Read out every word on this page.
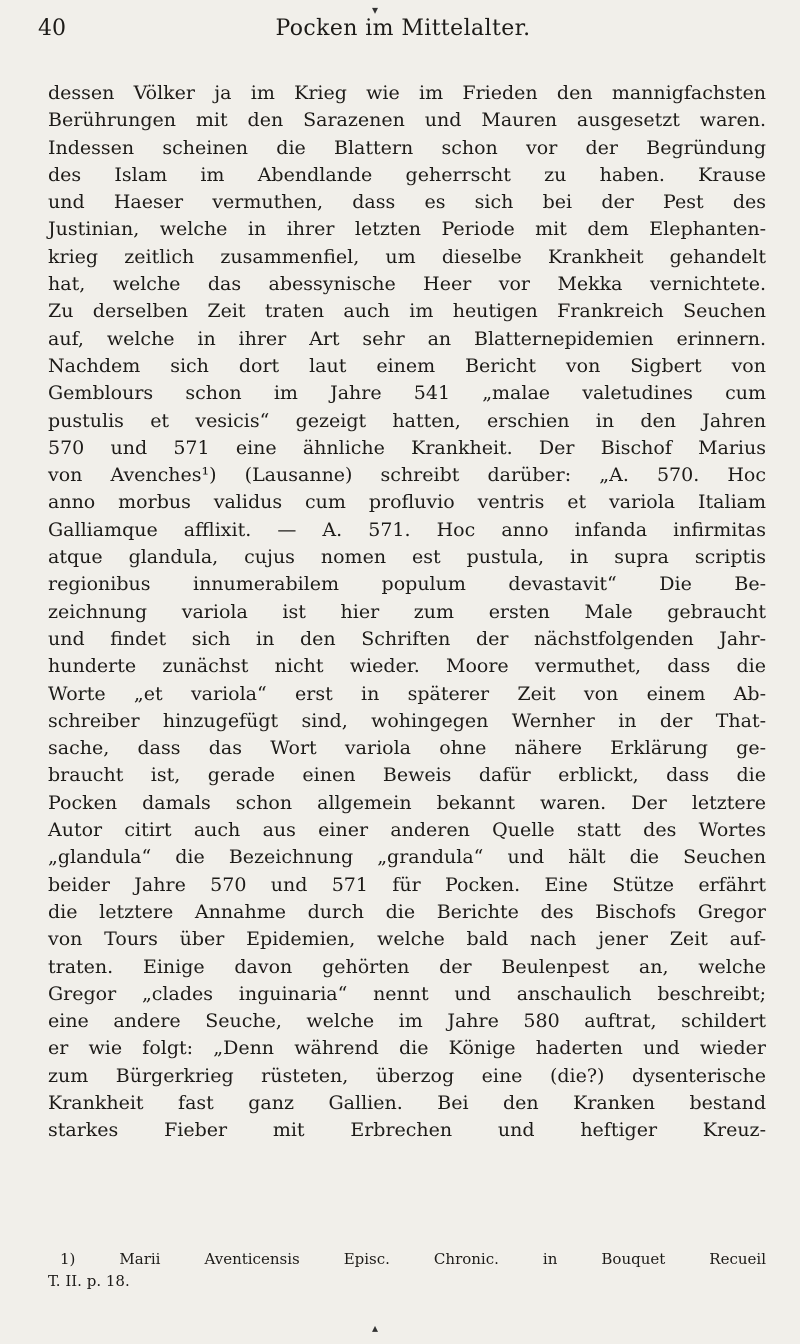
▾
40	Pocken im Mittelalter.
dessen Völker ja im Krieg wie im Frieden den mannigfachsten
Berührungen mit den Sarazenen und Mauren ausgesetzt waren.
Indessen scheinen die Blattern schon vor der Begründung
des Islam im Abendlande geherrscht zu haben. Krause
und Haeser vermuthen, dass es sich bei der Pest des
Justinian, welche in ihrer letzten Periode mit dem Elephanten-
krieg zeitlich zusammenfiel, um dieselbe Krankheit gehandelt
hat, welche das abessynische Heer vor Mekka vernichtete.
Zu derselben Zeit traten auch im heutigen Frankreich Seuchen
auf, welche in ihrer Art sehr an Blatternepidemien erinnern.
Nachdem sich dort laut einem Bericht von Sigbert von
Gemblours schon im Jahre 541 „malae valetudines cum
pustulis et vesicis“ gezeigt hatten, erschien in den Jahren
570 und 571 eine ähnliche Krankheit. Der Bischof Marius
von Avenches¹) (Lausanne) schreibt darüber: „A. 570. Hoc
anno morbus validus cum profluvio ventris et variola Italiam
Galliamque afflixit. — A. 571. Hoc anno infanda infirmitas
atque glandula, cujus nomen est pustula, in supra scriptis
regionibus innumerabilem populum devastavit“ Die Be-
zeichnung variola ist hier zum ersten Male gebraucht
und findet sich in den Schriften der nächstfolgenden Jahr-
hunderte zunächst nicht wieder. Moore vermuthet, dass die
Worte „et variola“ erst in späterer Zeit von einem Ab-
schreiber hinzugefügt sind, wohingegen Wernher in der That-
sache, dass das Wort variola ohne nähere Erklärung ge-
braucht ist, gerade einen Beweis dafür erblickt, dass die
Pocken damals schon allgemein bekannt waren. Der letztere
Autor citirt auch aus einer anderen Quelle statt des Wortes
„glandula“ die Bezeichnung „grandula“ und hält die Seuchen
beider Jahre 570 und 571 für Pocken. Eine Stütze erfährt
die letztere Annahme durch die Berichte des Bischofs Gregor
von Tours über Epidemien, welche bald nach jener Zeit auf-
traten. Einige davon gehörten der Beulenpest an, welche
Gregor „clades inguinaria“ nennt und anschaulich beschreibt;
eine andere Seuche, welche im Jahre 580 auftrat, schildert
er wie folgt: „Denn während die Könige haderten und wieder
zum Bürgerkrieg rüsteten, überzog eine (die?) dysenterische
Krankheit fast ganz Gallien. Bei den Kranken bestand
starkes Fieber mit Erbrechen und heftiger Kreuz-
1) Marii Aventicensis Episc. Chronic. in Bouquet Recueil
T. II. p. 18.
▴
